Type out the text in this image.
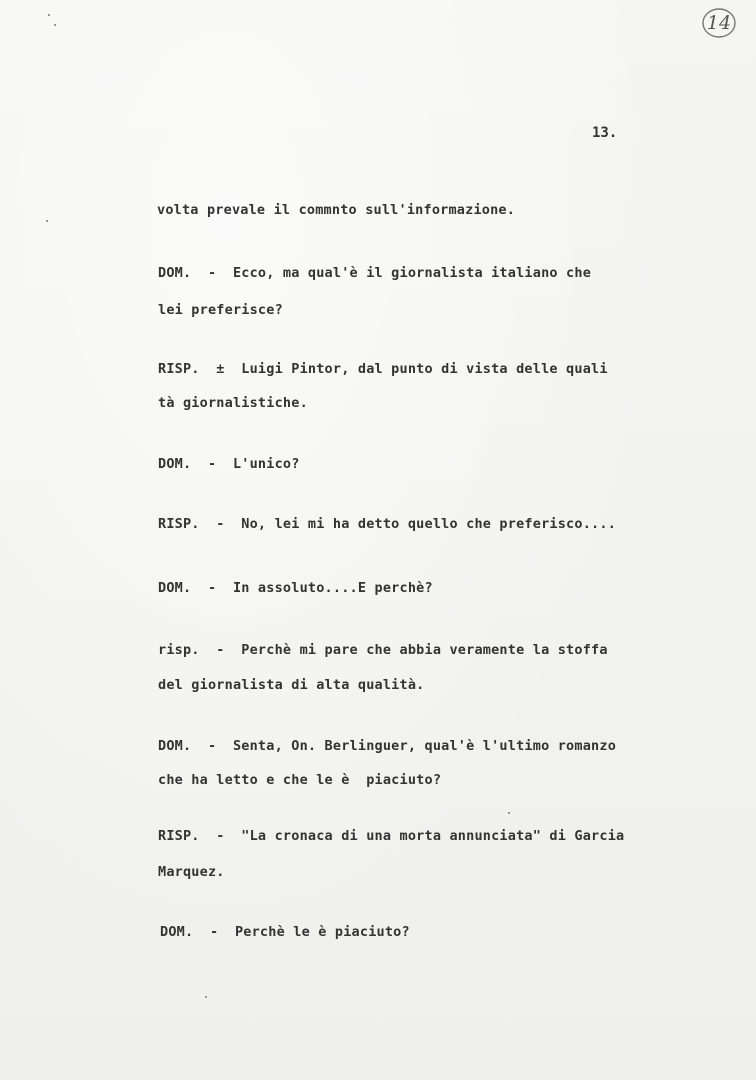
14
13.
volta prevale il commnto sull'informazione.
DOM.  -  Ecco, ma qual'è il giornalista italiano che
lei preferisce?
RISP.  ±  Luigi Pintor, dal punto di vista delle quali
tà giornalistiche.
DOM.  -  L'unico?
RISP.  -  No, lei mi ha detto quello che preferisco....
DOM.  -  In assoluto....E perchè?
risp.  -  Perchè mi pare che abbia veramente la stoffa
del giornalista di alta qualità.
DOM.  -  Senta, On. Berlinguer, qual'è l'ultimo romanzo
che ha letto e che le è  piaciuto?
RISP.  -  "La cronaca di una morta annunciata" di Garcia
Marquez.
DOM.  -  Perchè le è piaciuto?
